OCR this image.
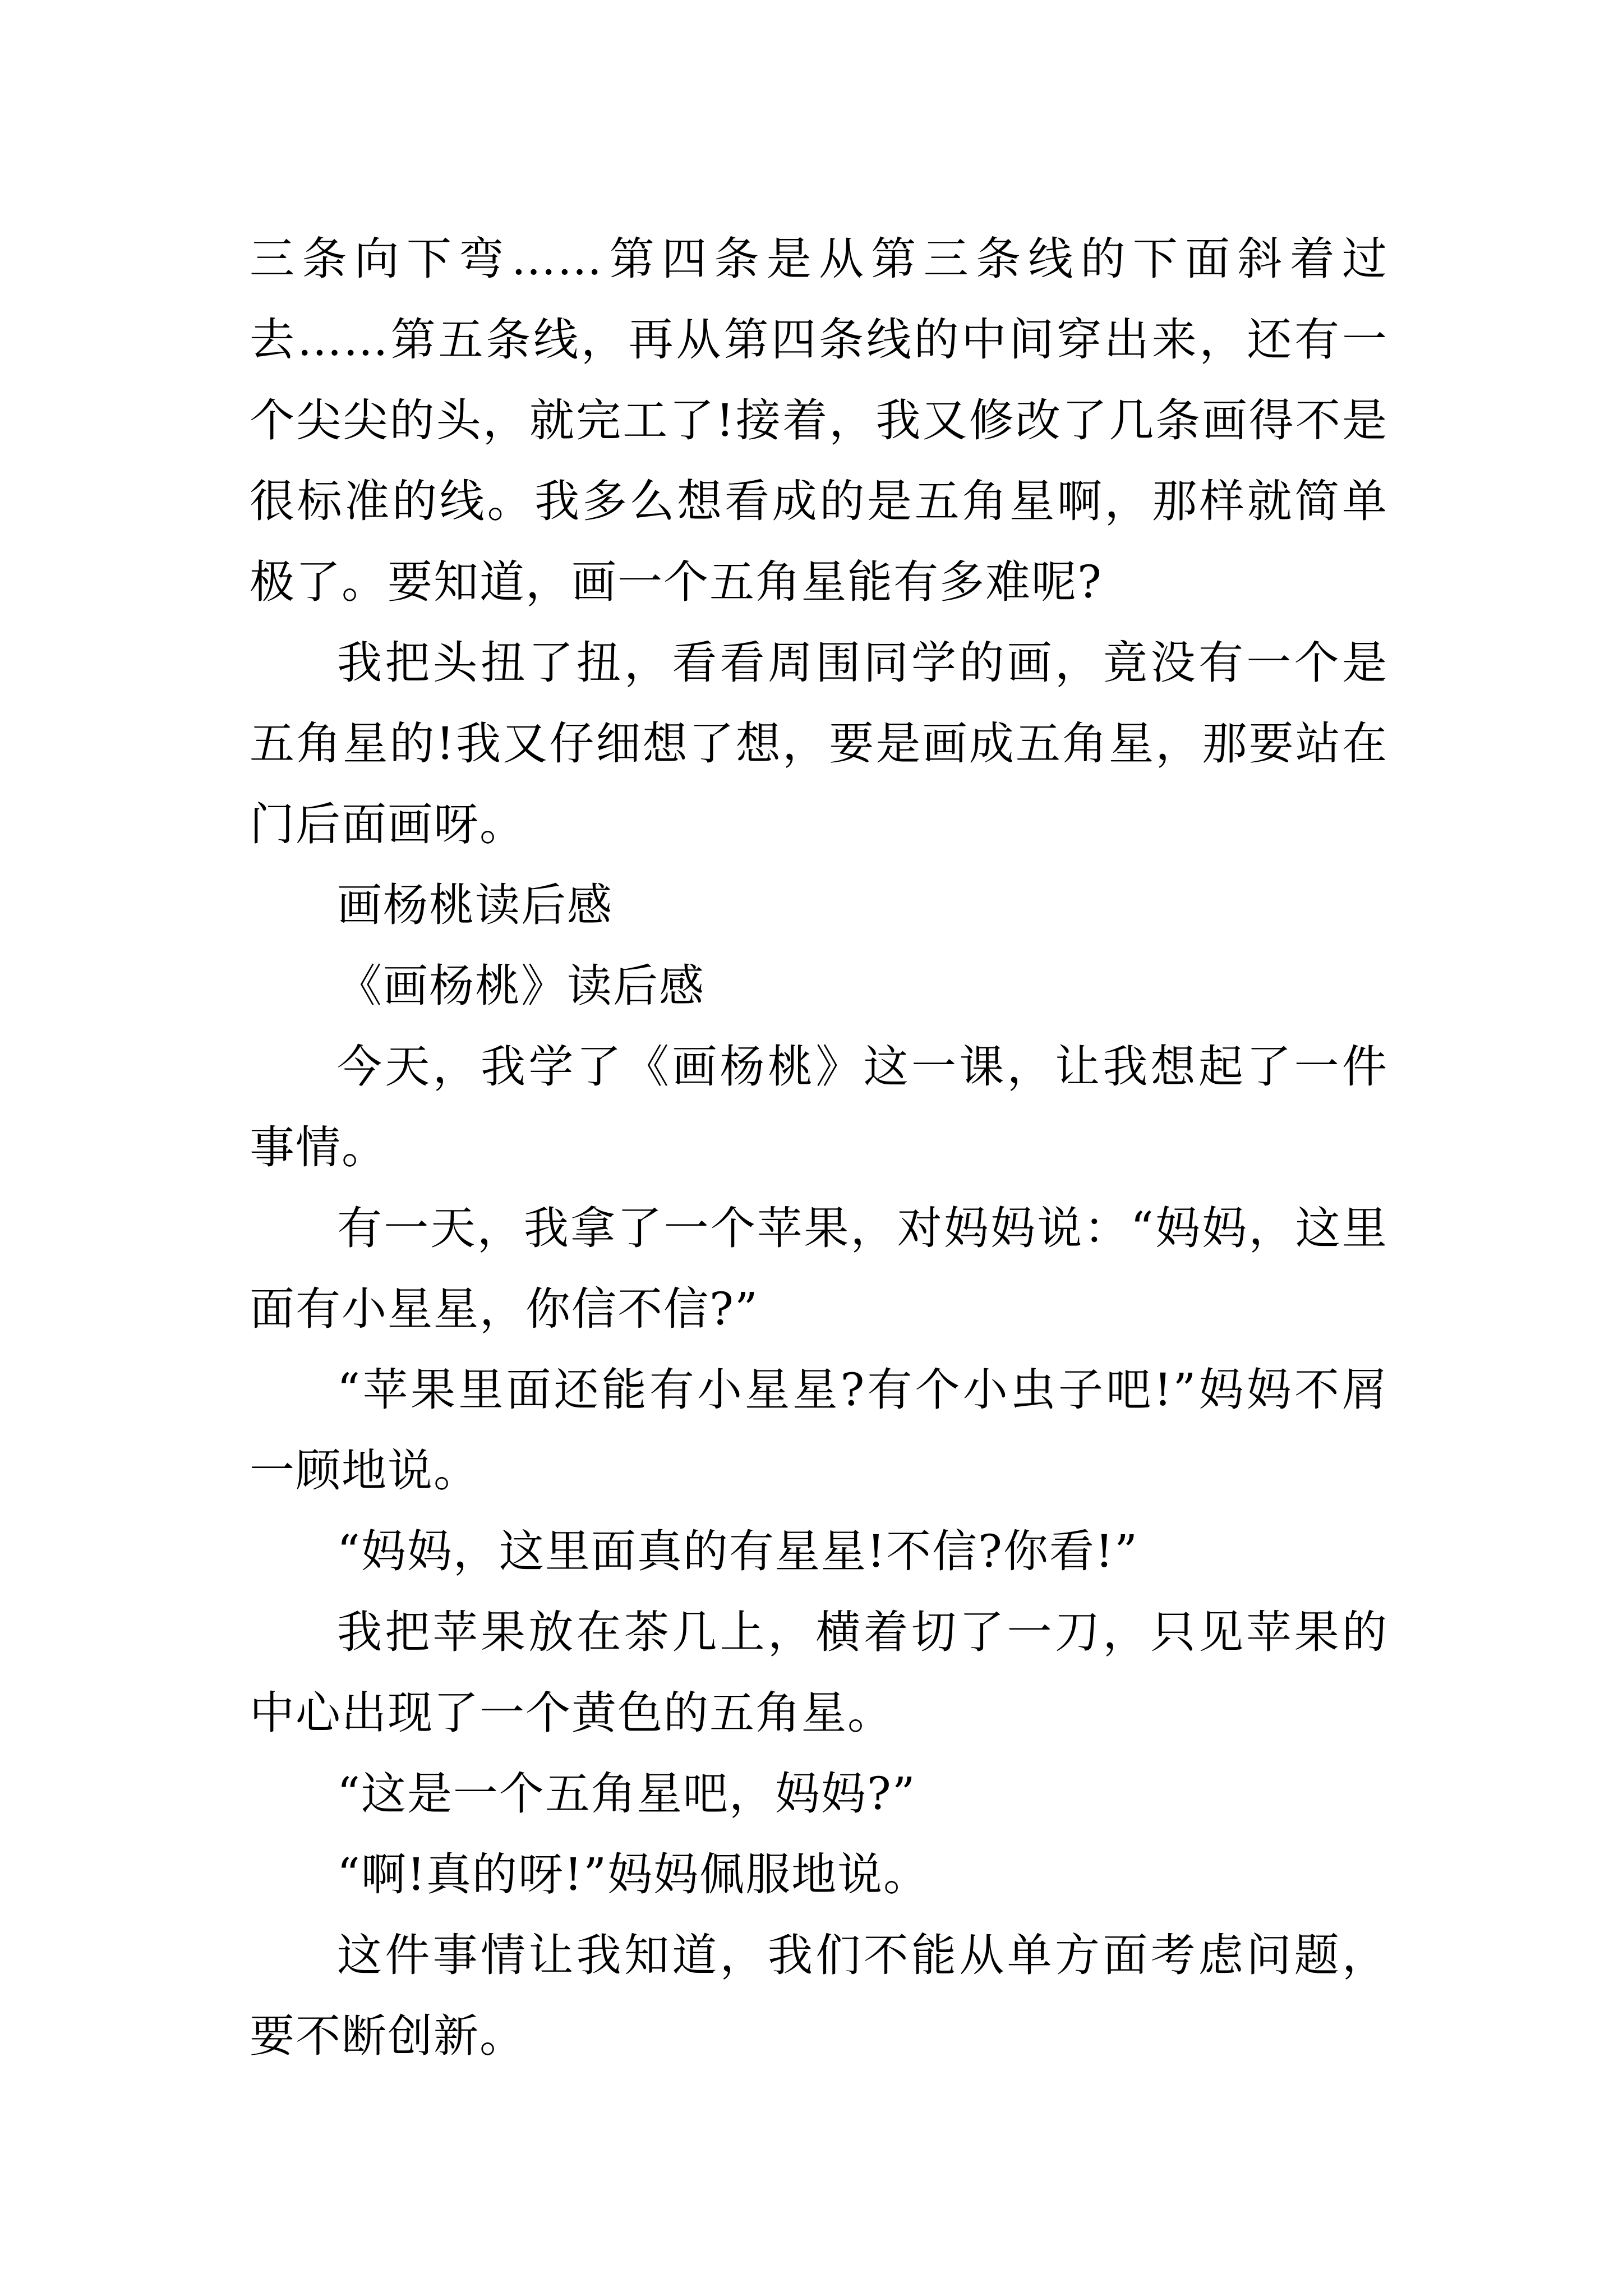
三条向下弯……第四条是从第三条线的下面斜着过去……第五条线，再从第四条线的中间穿出来，还有一个尖尖的头，就完工了!接着，我又修改了几条画得不是很标准的线。我多么想看成的是五角星啊，那样就简单极了。要知道，画一个五角星能有多难呢?

我把头扭了扭，看看周围同学的画，竟没有一个是五角星的!我又仔细想了想，要是画成五角星，那要站在门后面画呀。

画杨桃读后感

《画杨桃》读后感

今天，我学了《画杨桃》这一课，让我想起了一件事情。

有一天，我拿了一个苹果，对妈妈说：“妈妈，这里面有小星星，你信不信?”

“苹果里面还能有小星星?有个小虫子吧!”妈妈不屑一顾地说。

“妈妈，这里面真的有星星!不信?你看!”

我把苹果放在茶几上，横着切了一刀，只见苹果的中心出现了一个黄色的五角星。

“这是一个五角星吧，妈妈?”

“啊!真的呀!”妈妈佩服地说。

这件事情让我知道，我们不能从单方面考虑问题，要不断创新。
